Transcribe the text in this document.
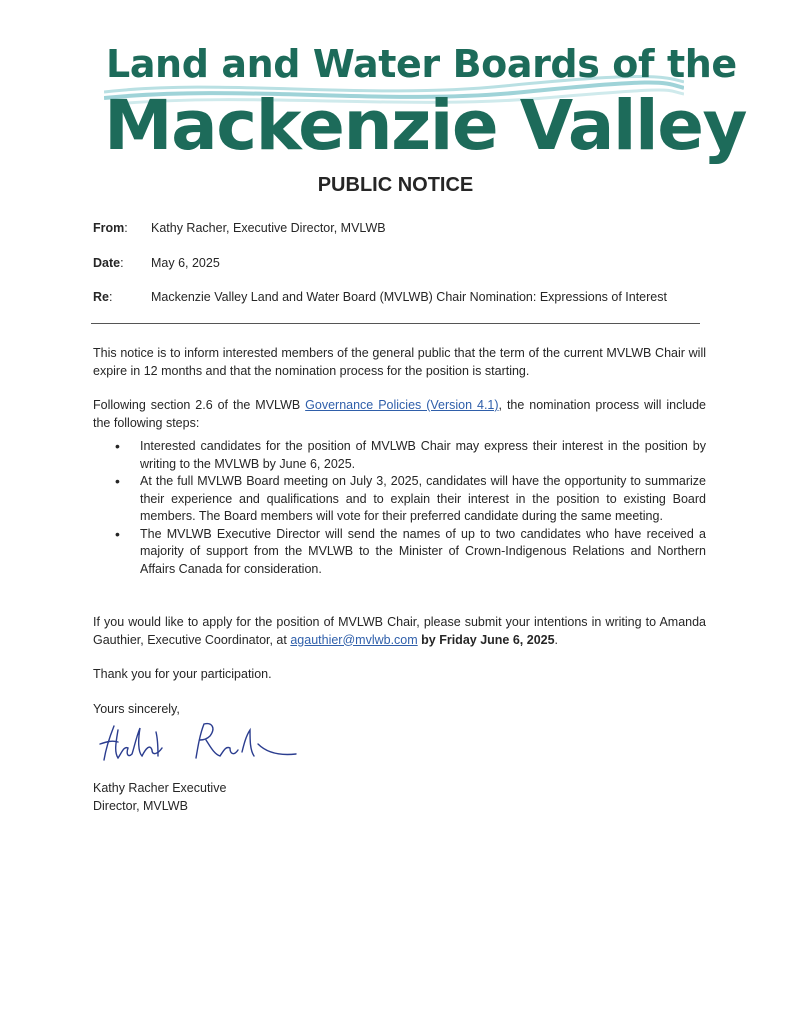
Land and Water Boards of the
Mackenzie Valley
PUBLIC NOTICE
From: Kathy Racher, Executive Director, MVLWB
Date: May 6, 2025
Re:	Mackenzie Valley Land and Water Board (MVLWB) Chair Nomination: Expressions of Interest
This notice is to inform interested members of the general public that the term of the current MVLWB Chair will expire in 12 months and that the nomination process for the position is starting.
Following section 2.6 of the MVLWB Governance Policies (Version 4.1), the nomination process will include the following steps:
• Interested candidates for the position of MVLWB Chair may express their interest in the position by writing to the MVLWB by June 6, 2025.
• At the full MVLWB Board meeting on July 3, 2025, candidates will have the opportunity to summarize their experience and qualifications and to explain their interest in the position to existing Board members. The Board members will vote for their preferred candidate during the same meeting.
• The MVLWB Executive Director will send the names of up to two candidates who have received a majority of support from the MVLWB to the Minister of Crown-Indigenous Relations and Northern Affairs Canada for consideration.
If you would like to apply for the position of MVLWB Chair, please submit your intentions in writing to Amanda Gauthier, Executive Coordinator, at agauthier@mvlwb.com by Friday June 6, 2025.
Thank you for your participation.
Yours sincerely,
Kathy Racher Executive
Director, MVLWB
